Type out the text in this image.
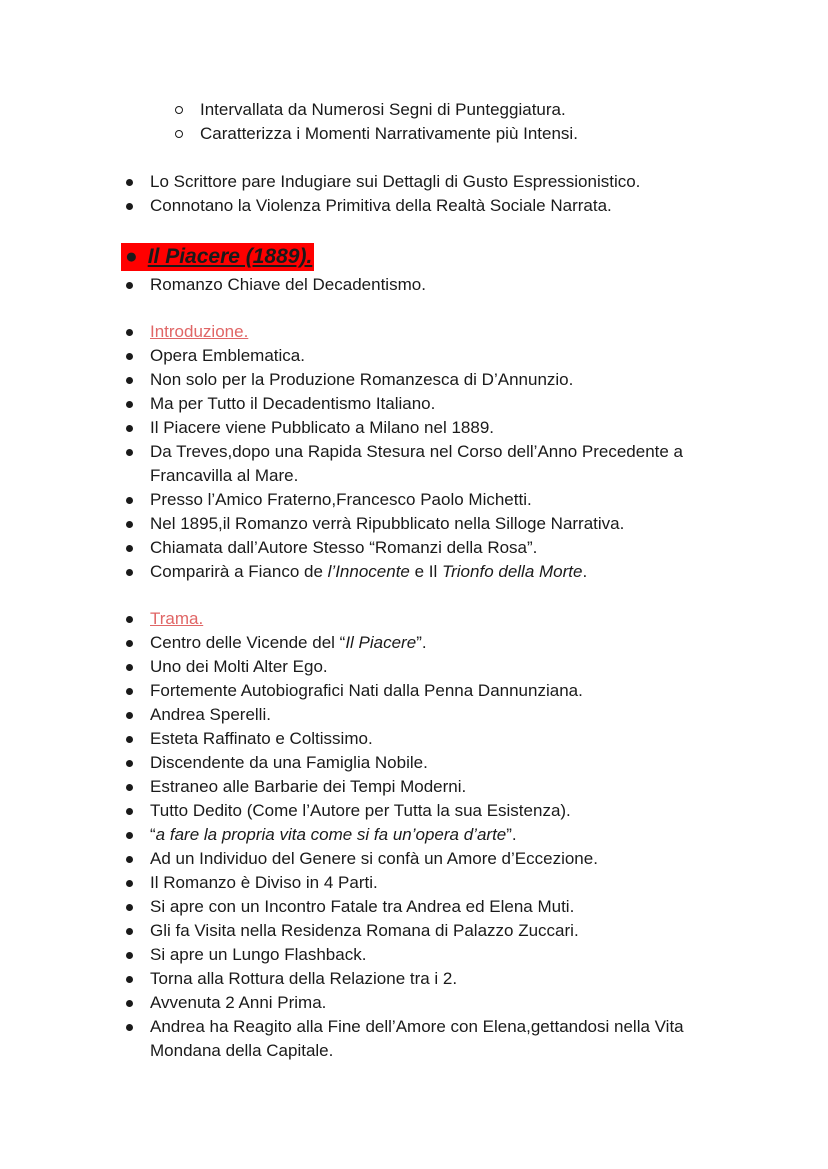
Intervallata da Numerosi Segni di Punteggiatura.
Caratterizza i Momenti Narrativamente più Intensi.
Lo Scrittore pare Indugiare sui Dettagli di Gusto Espressionistico.
Connotano la Violenza Primitiva della Realtà Sociale Narrata.
● Il Piacere (1889).
Romanzo Chiave del Decadentismo.
Introduzione.
Opera Emblematica.
Non solo per la Produzione Romanzesca di D’Annunzio.
Ma per Tutto il Decadentismo Italiano.
Il Piacere viene Pubblicato a Milano nel 1889.
Da Treves,dopo una Rapida Stesura nel Corso dell’Anno Precedente a Francavilla al Mare.
Presso l’Amico Fraterno,Francesco Paolo Michetti.
Nel 1895,il Romanzo verrà Ripubblicato nella Silloge Narrativa.
Chiamata dall’Autore Stesso “Romanzi della Rosa”.
Comparirà a Fianco de l’Innocente e Il Trionfo della Morte.
Trama.
Centro delle Vicende del “Il Piacere”.
Uno dei Molti Alter Ego.
Fortemente Autobiografici Nati dalla Penna Dannunziana.
Andrea Sperelli.
Esteta Raffinato e Coltissimo.
Discendente da una Famiglia Nobile.
Estraneo alle Barbarie dei Tempi Moderni.
Tutto Dedito (Come l’Autore per Tutta la sua Esistenza).
“a fare la propria vita come si fa un’opera d’arte”.
Ad un Individuo del Genere si confà un Amore d’Eccezione.
Il Romanzo è Diviso in 4 Parti.
Si apre con un Incontro Fatale tra Andrea ed Elena Muti.
Gli fa Visita nella Residenza Romana di Palazzo Zuccari.
Si apre un Lungo Flashback.
Torna alla Rottura della Relazione tra i 2.
Avvenuta 2 Anni Prima.
Andrea ha Reagito alla Fine dell’Amore con Elena,gettandosi nella Vita Mondana della Capitale.
